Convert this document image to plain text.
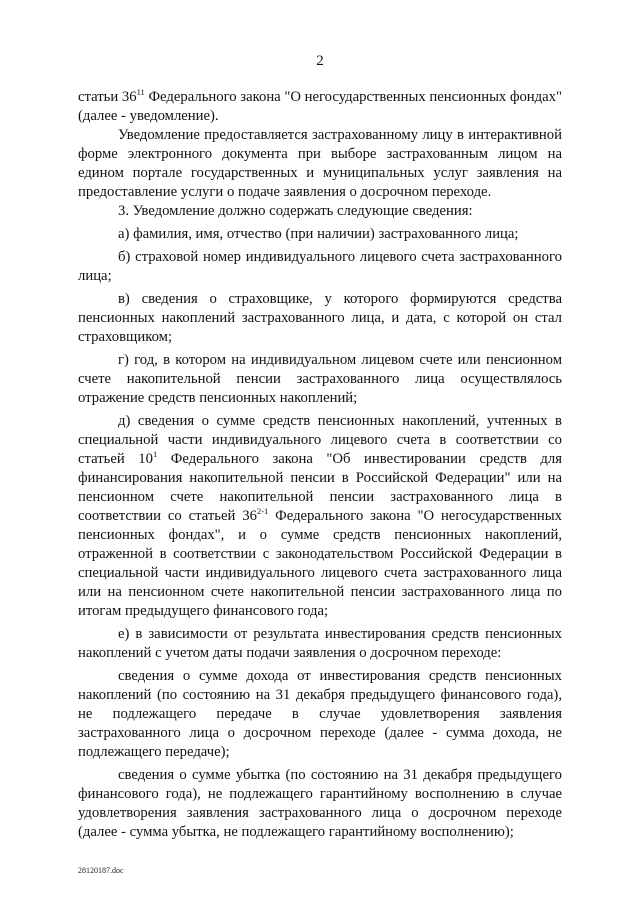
2

статьи $36^{11}$ Федерального закона "О негосударственных пенсионных фондах" (далее - уведомление).

Уведомление предоставляется застрахованному лицу в интерактивной форме электронного документа при выборе застрахованным лицом на едином портале государственных и муниципальных услуг заявления на предоставление услуги о подаче заявления о досрочном переходе.

3. Уведомление должно содержать следующие сведения:

а) фамилия, имя, отчество (при наличии) застрахованного лица;

б) страховой номер индивидуального лицевого счета застрахованного лица;

в) сведения о страховщике, у которого формируются средства пенсионных накоплений застрахованного лица, и дата, с которой он стал страховщиком;

г) год, в котором на индивидуальном лицевом счете или пенсионном счете накопительной пенсии застрахованного лица осуществлялось отражение средств пенсионных накоплений;

д) сведения о сумме средств пенсионных накоплений, учтенных в специальной части индивидуального лицевого счета в соответствии со статьей $10^1$ Федерального закона "Об инвестировании средств для финансирования накопительной пенсии в Российской Федерации" или на пенсионном счете накопительной пенсии застрахованного лица в соответствии со статьей 36$^{2-1}$ Федерального закона "О негосударственных пенсионных фондах", и о сумме средств пенсионных накоплений, отраженной в соответствии с законодательством Российской Федерации в специальной части индивидуального лицевого счета застрахованного лица или на пенсионном счете накопительной пенсии застрахованного лица по итогам предыдущего финансового года;

е) в зависимости от результата инвестирования средств пенсионных накоплений с учетом даты подачи заявления о досрочном переходе:

сведения о сумме дохода от инвестирования средств пенсионных накоплений (по состоянию на 31 декабря предыдущего финансового года), не подлежащего передаче в случае удовлетворения заявления застрахованного лица о досрочном переходе (далее - сумма дохода, не подлежащего передаче);

сведения о сумме убытка (по состоянию на 31 декабря предыдущего финансового года), не подлежащего гарантийному восполнению в случае удовлетворения заявления застрахованного лица о досрочном переходе (далее - сумма убытка, не подлежащего гарантийному восполнению);

28120187.doc
